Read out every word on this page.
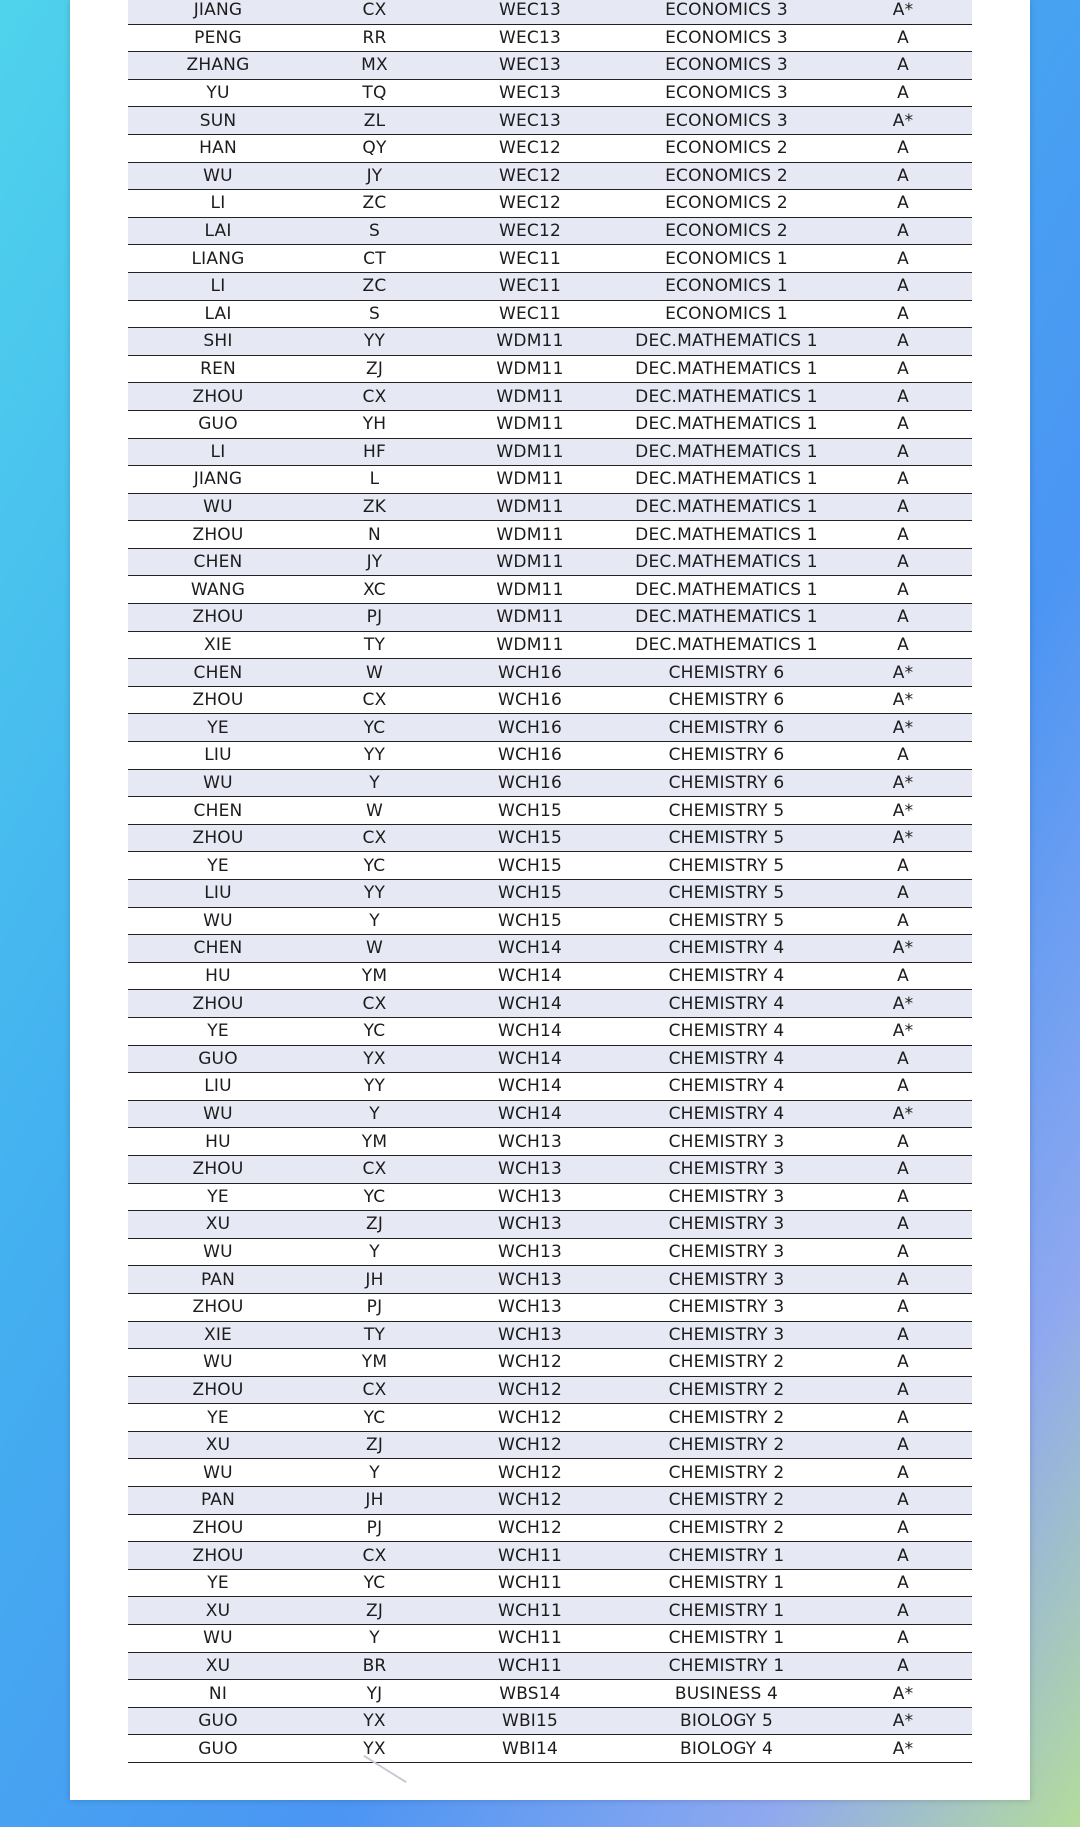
JIANG	CX	WEC13	ECONOMICS 3	A*
PENG	RR	WEC13	ECONOMICS 3	A
ZHANG	MX	WEC13	ECONOMICS 3	A
YU	TQ	WEC13	ECONOMICS 3	A
SUN	ZL	WEC13	ECONOMICS 3	A*
HAN	QY	WEC12	ECONOMICS 2	A
WU	JY	WEC12	ECONOMICS 2	A
LI	ZC	WEC12	ECONOMICS 2	A
LAI	S	WEC12	ECONOMICS 2	A
LIANG	CT	WEC11	ECONOMICS 1	A
LI	ZC	WEC11	ECONOMICS 1	A
LAI	S	WEC11	ECONOMICS 1	A
SHI	YY	WDM11	DEC.MATHEMATICS 1	A
REN	ZJ	WDM11	DEC.MATHEMATICS 1	A
ZHOU	CX	WDM11	DEC.MATHEMATICS 1	A
GUO	YH	WDM11	DEC.MATHEMATICS 1	A
LI	HF	WDM11	DEC.MATHEMATICS 1	A
JIANG	L	WDM11	DEC.MATHEMATICS 1	A
WU	ZK	WDM11	DEC.MATHEMATICS 1	A
ZHOU	N	WDM11	DEC.MATHEMATICS 1	A
CHEN	JY	WDM11	DEC.MATHEMATICS 1	A
WANG	XC	WDM11	DEC.MATHEMATICS 1	A
ZHOU	PJ	WDM11	DEC.MATHEMATICS 1	A
XIE	TY	WDM11	DEC.MATHEMATICS 1	A
CHEN	W	WCH16	CHEMISTRY 6	A*
ZHOU	CX	WCH16	CHEMISTRY 6	A*
YE	YC	WCH16	CHEMISTRY 6	A*
LIU	YY	WCH16	CHEMISTRY 6	A
WU	Y	WCH16	CHEMISTRY 6	A*
CHEN	W	WCH15	CHEMISTRY 5	A*
ZHOU	CX	WCH15	CHEMISTRY 5	A*
YE	YC	WCH15	CHEMISTRY 5	A
LIU	YY	WCH15	CHEMISTRY 5	A
WU	Y	WCH15	CHEMISTRY 5	A
CHEN	W	WCH14	CHEMISTRY 4	A*
HU	YM	WCH14	CHEMISTRY 4	A
ZHOU	CX	WCH14	CHEMISTRY 4	A*
YE	YC	WCH14	CHEMISTRY 4	A*
GUO	YX	WCH14	CHEMISTRY 4	A
LIU	YY	WCH14	CHEMISTRY 4	A
WU	Y	WCH14	CHEMISTRY 4	A*
HU	YM	WCH13	CHEMISTRY 3	A
ZHOU	CX	WCH13	CHEMISTRY 3	A
YE	YC	WCH13	CHEMISTRY 3	A
XU	ZJ	WCH13	CHEMISTRY 3	A
WU	Y	WCH13	CHEMISTRY 3	A
PAN	JH	WCH13	CHEMISTRY 3	A
ZHOU	PJ	WCH13	CHEMISTRY 3	A
XIE	TY	WCH13	CHEMISTRY 3	A
WU	YM	WCH12	CHEMISTRY 2	A
ZHOU	CX	WCH12	CHEMISTRY 2	A
YE	YC	WCH12	CHEMISTRY 2	A
XU	ZJ	WCH12	CHEMISTRY 2	A
WU	Y	WCH12	CHEMISTRY 2	A
PAN	JH	WCH12	CHEMISTRY 2	A
ZHOU	PJ	WCH12	CHEMISTRY 2	A
ZHOU	CX	WCH11	CHEMISTRY 1	A
YE	YC	WCH11	CHEMISTRY 1	A
XU	ZJ	WCH11	CHEMISTRY 1	A
WU	Y	WCH11	CHEMISTRY 1	A
XU	BR	WCH11	CHEMISTRY 1	A
NI	YJ	WBS14	BUSINESS 4	A*
GUO	YX	WBI15	BIOLOGY 5	A*
GUO	YX	WBI14	BIOLOGY 4	A*
